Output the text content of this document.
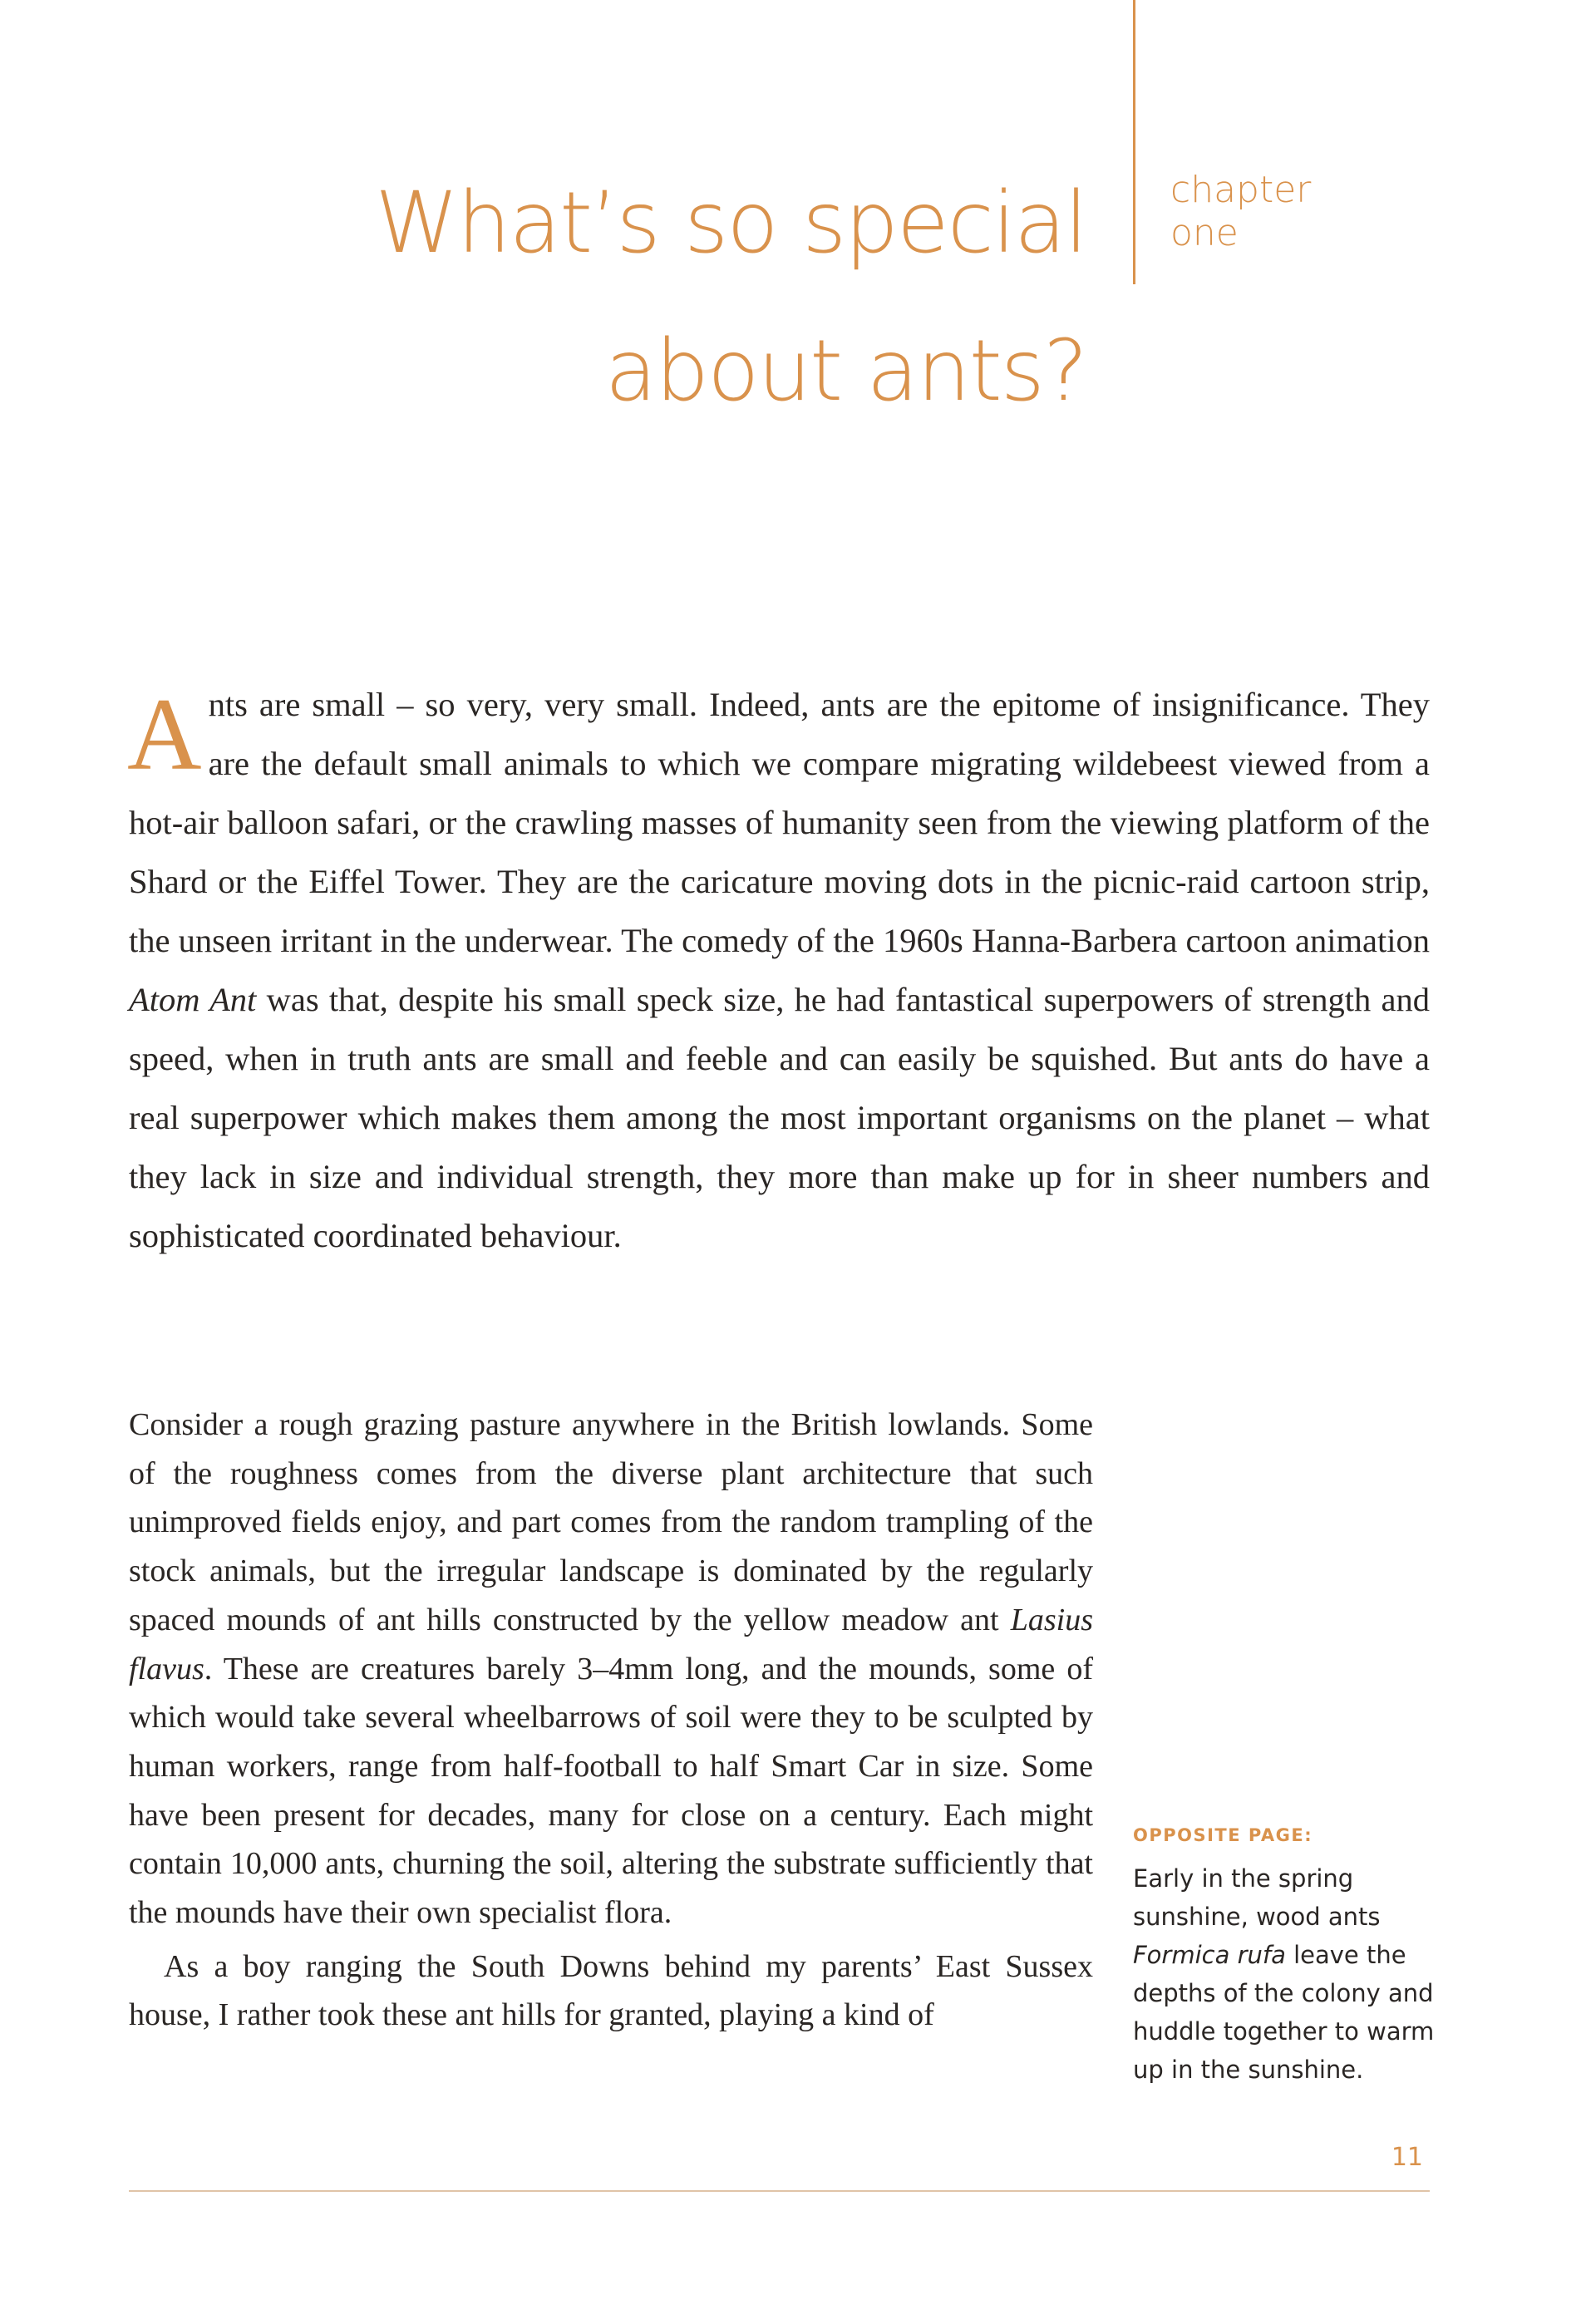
What’s so special
about ants?
chapter
one

Ants are small – so very, very small. Indeed, ants are the epitome of insignificance. They are the default small animals to which we compare migrating wildebeest viewed from a hot-air balloon safari, or the crawling masses of humanity seen from the viewing platform of the Shard or the Eiffel Tower. They are the caricature moving dots in the picnic-raid cartoon strip, the unseen irritant in the underwear. The comedy of the 1960s Hanna-Barbera cartoon animation Atom Ant was that, despite his small speck size, he had fantastical superpowers of strength and speed, when in truth ants are small and feeble and can easily be squished. But ants do have a real superpower which makes them among the most important organisms on the planet – what they lack in size and individual strength, they more than make up for in sheer numbers and sophisticated coordinated behaviour.

Consider a rough grazing pasture anywhere in the British lowlands. Some of the roughness comes from the diverse plant architecture that such unimproved fields enjoy, and part comes from the random trampling of the stock animals, but the irregular landscape is dominated by the regularly spaced mounds of ant hills constructed by the yellow meadow ant Lasius flavus. These are creatures barely 3–4mm long, and the mounds, some of which would take several wheelbarrows of soil were they to be sculpted by human workers, range from half-football to half Smart Car in size. Some have been present for decades, many for close on a century. Each might contain 10,000 ants, churning the soil, altering the substrate sufficiently that the mounds have their own specialist flora.

As a boy ranging the South Downs behind my parents’ East Sussex house, I rather took these ant hills for granted, playing a kind of

OPPOSITE PAGE:
Early in the spring sunshine, wood ants Formica rufa leave the depths of the colony and huddle together to warm up in the sunshine.
11
